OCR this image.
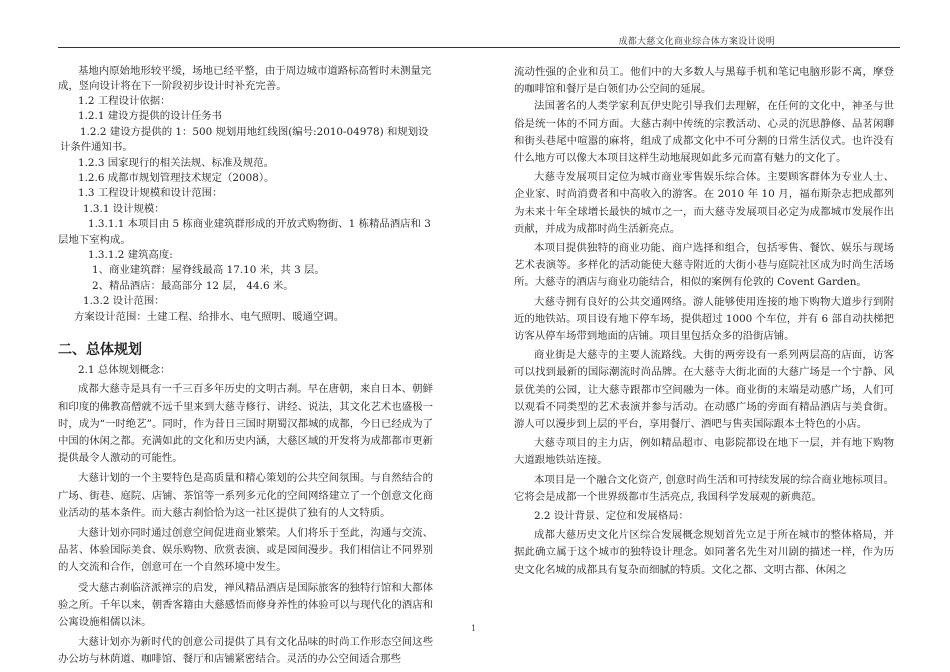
成都大慈文化商业综合体方案设计说明
基地内原始地形较平缓，场地已经平整，由于周边城市道路标高暂时未测量完成，竖向设计将在下一阶段初步设计时补充完善。
1.2 工程设计依据：
1.2.1 建设方提供的设计任务书
1.2.2 建设方提供的 1：500 规划用地红线图(编号:2010-04978) 和规划设计条件通知书。
1.2.3 国家现行的相关法规、标准及规范。
1.2.6 成都市规划管理技术规定（2008）。
1.3 工程设计规模和设计范围：
1.3.1 设计规模：
1.3.1.1 本项目由 5 栋商业建筑群形成的开放式购物街、1 栋精品酒店和 3 层地下室构成。
1.3.1.2 建筑高度:
1、商业建筑群：屋脊线最高 17.10 米，共 3 层。
2、精品酒店：最高部分 12 层， 44.6 米。
1.3.2 设计范围：
方案设计范围：土建工程、给排水、电气照明、暖通空调。
二、总体规划
2.1 总体规划概念：
成都大慈寺是具有一千三百多年历史的文明古刹。早在唐朝，来自日本、朝鲜和印度的佛教高僧就不远千里来到大慈寺修行、讲经、说法，其文化艺术也盛极一时，成为“一时绝艺”。同时，作为昔日三国时期蜀汉都城的成都，今日已经成为了中国的休闲之都。充满如此的文化和历史内涵，大慈区域的开发将为成都都市更新提供最令人激动的可能性。
大慈计划的一个主要特色是高质量和精心策划的公共空间氛围。与自然结合的广场、街巷、庭院、店铺、茶馆等一系列多元化的空间网络建立了一个创意文化商业活动的基本条件。而大慈古刹恰恰为这一社区提供了独有的人文特质。
大慈计划亦同时通过创意空间促进商业繁荣。人们将乐于至此，沟通与交流、品茗、体验国际美食、娱乐购物、欣赏表演、或是园间漫步。我们相信让不同界别的人交流和合作，创意可在一个自然环境中发生。
受大慈古刹临济派禅宗的启发，禅风精品酒店是国际旅客的独特行馆和大都体验之所。千年以来，朝香客籍由大慈感悟而修身养性的体验可以与现代化的酒店和公寓设施相儒以沫。
大慈计划亦为新时代的创意公司提供了具有文化品味的时尚工作形态空间这些办公坊与林荫道、咖啡馆、餐厅和店铺紧密结合。灵活的办公空间适合那些
流动性强的企业和员工。他们中的大多数人与黑莓手机和笔记电脑形影不离，摩登的咖啡馆和餐厅是白领们办公空间的延展。
法国著名的人类学家利瓦伊史陀引导我们去理解，在任何的文化中，神圣与世俗是统一体的不同方面。大慈古刹中传统的宗教活动、心灵的沉思静修、品茗闲聊和街头巷尾中喧嚣的麻将，组成了成都文化中不可分割的日常生活仪式。也许没有什么地方可以像大本项目这样生动地展现如此多元而富有魅力的文化了。
大慈寺发展项目定位为城市商业零售娱乐综合体。主要顾客群体为专业人士、企业家、时尚消费者和中高收入的游客。在 2010 年 10 月，福布斯杂志把成都列为未来十年全球增长最快的城市之一，而大慈寺发展项目必定为成都城市发展作出贡献，并成为成都时尚生活新亮点。
本项目提供独特的商业功能、商户选择和组合，包括零售、餐饮、娱乐与现场艺术表演等。多样化的活动能使大慈寺附近的大街小巷与庭院社区成为时尚生活场所。大慈寺的酒店与商业功能结合，相似的案例有伦敦的 Covent Garden。
大慈寺拥有良好的公共交通网络。游人能够使用连接的地下购物大道步行到附近的地铁站。项目设有地下停车场，提供超过 1000 个车位，并有 6 部自动扶梯把访客从停车场带到地面的店铺。项目里包括众多的沿街店铺。
商业街是大慈寺的主要人流路线。大街的两旁设有一系列两层高的店面，访客可以找到最新的国际潮流时尚品牌。在大慈寺大街北面的大慈广场是一个宁静、风景优美的公园，让大慈寺跟都市空间融为一体。商业街的末端是动感广场，人们可以观看不同类型的艺术表演并参与活动。在动感广场的旁面有精品酒店与美食街。游人可以漫步到上层的平台，享用餐厅、酒吧与售卖国际跟本土特色的小店。
大慈寺项目的主力店，例如精品超市、电影院都设在地下一层，并有地下购物大道跟地铁站连接。
本项目是一个融合文化资产, 创意时尚生活和可持续发展的综合商业地标项目。它将会是成都一个世界级都市生活亮点, 我国科学发展观的新典范。
2.2 设计背景、定位和发展格局：
成都大慈历史文化片区综合发展概念规划首先立足于所在城市的整体格局，并据此确立属于这个城市的独特设计理念。如同著名先生对川剧的描述一样，作为历史文化名城的成都具有复杂而细腻的特质。文化之都、文明古都、休闲之
1
